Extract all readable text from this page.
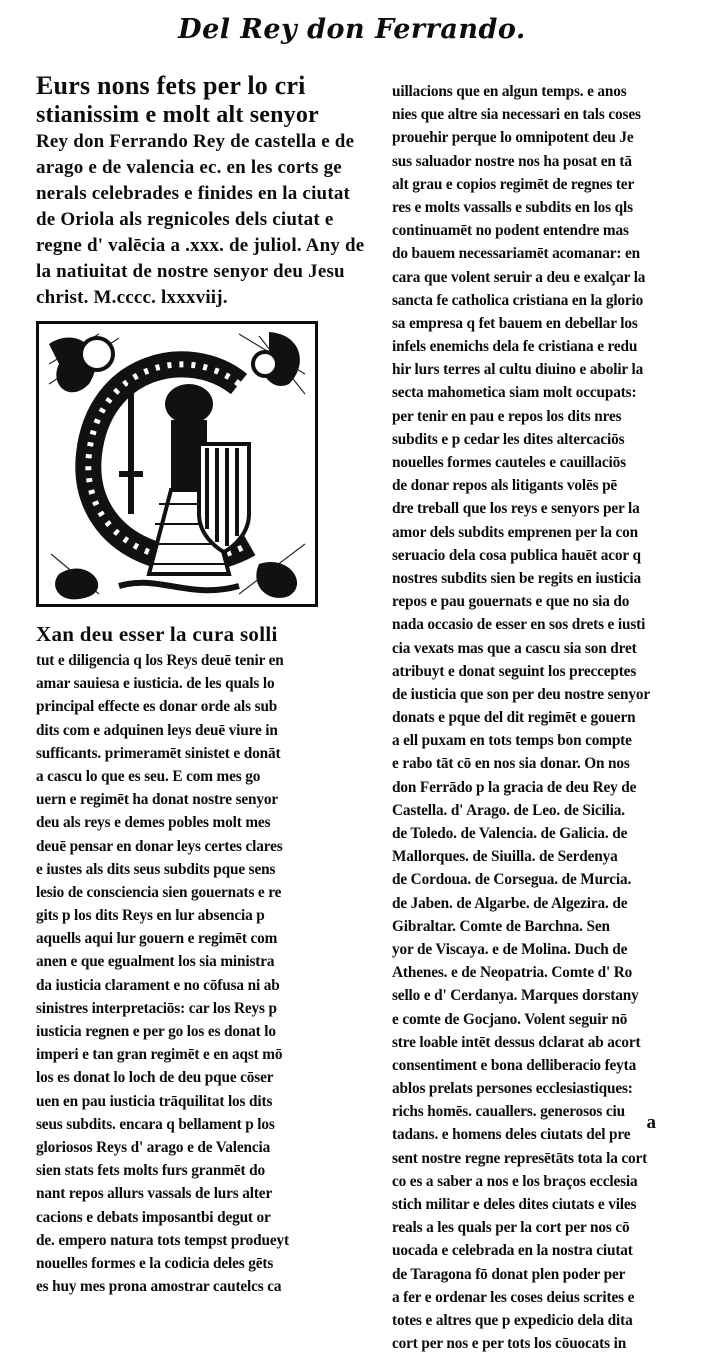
Del Rey don Ferrando.
Eurs nons fets per lo cri
stianissim e molt alt senyor
Rey don Ferrando Rey de castella e de
arago e de valencia ec. en les corts ge
nerals celebrades e finides en la ciutat
de Oriola als regnicoles dels ciutat e
regne d' valēcia a .xxx. de juliol. Any de
la natiuitat de nostre senyor deu Jesu
christ. M.cccc. lxxxviij.
Xan deu esser la cura solli
tut e diligencia q los Reys deuē tenir en
amar sauiesa e iusticia. de les quals lo
principal effecte es donar orde als sub
dits com e adquinen leys deuē viure in
sufficants. primeramēt sinistet e donāt
a cascu lo que es seu. E com mes go
uern e regimēt ha donat nostre senyor
deu als reys e demes pobles molt mes
deuē pensar en donar leys certes clares
e iustes als dits seus subdits pque sens
lesio de consciencia sien gouernats e re
gits p los dits Reys en lur absencia p
aquells aqui lur gouern e regimēt com
anen e que egualment los sia ministra
da iusticia clarament e no cōfusa ni ab
sinistres interpretaciōs: car los Reys p
iusticia regnen e per go los es donat lo
imperi e tan gran regimēt e en aqst mō
los es donat lo loch de deu pque cōser
uen en pau iusticia trāquilitat los dits
seus subdits. encara q bellament p los
gloriosos Reys d' arago e de Valencia
sien stats fets molts furs granmēt do
nant repos allurs vassals de lurs alter
cacions e debats imposantbi degut or
de. empero natura tots tempst produeyt
nouelles formes e la codicia deles gēts
es huy mes prona amostrar cautelcs ca
uillacions que en algun temps. e anos
nies que altre sia necessari en tals coses
prouehir perque lo omnipotent deu Je
sus saluador nostre nos ha posat en tā
alt grau e copios regimēt de regnes ter
res e molts vassalls e subdits en los qls
continuamēt no podent entendre mas
do bauem necessariamēt acomanar: en
cara que volent seruir a deu e exalçar la
sancta fe catholica cristiana en la glorio
sa empresa q fet bauem en debellar los
infels enemichs dela fe cristiana e redu
hir lurs terres al cultu diuino e abolir la
secta mahometica siam molt occupats:
per tenir en pau e repos los dits nres
subdits e p cedar les dites altercaciōs
nouelles formes cauteles e cauillaciōs
de donar repos als litigants volēs pē
dre treball que los reys e senyors per la
amor dels subdits emprenen per la con
seruacio dela cosa publica hauēt acor q
nostres subdits sien be regits en iusticia
repos e pau gouernats e que no sia do
nada occasio de esser en sos drets e iusti
cia vexats mas que a cascu sia son dret
atribuyt e donat seguint los precceptes
de iusticia que son per deu nostre senyor
donats e pque del dit regimēt e gouern
a ell puxam en tots temps bon compte
e rabo tāt cō en nos sia donar. On nos
don Ferrādo p la gracia de deu Rey de
Castella. d' Arago. de Leo. de Sicilia.
de Toledo. de Valencia. de Galicia. de
Mallorques. de Siuilla. de Serdenya
de Cordoua. de Corsegua. de Murcia.
de Jaben. de Algarbe. de Algezira. de
Gibraltar. Comte de Barchna. Sen
yor de Viscaya. e de Molina. Duch de
Athenes. e de Neopatria. Comte d' Ro
sello e d' Cerdanya. Marques dorstany
e comte de Gocjano. Volent seguir nō
stre loable intēt dessus dclarat ab acort
consentiment e bona delliberacio feyta
ablos prelats persones ecclesiastiques:
richs homēs. cauallers. generosos ciu
tadans. e homens deles ciutats del pre
sent nostre regne represētāts tota la cort
co es a saber a nos e los braços ecclesia
stich militar e deles dites ciutats e viles
reals a les quals per la cort per nos cō
uocada e celebrada en la nostra ciutat
de Taragona fō donat plen poder per
a fer e ordenar les coses deius scrites e
totes e altres que p expedicio dela dita
cort per nos e per tots los cōuocats in
a
